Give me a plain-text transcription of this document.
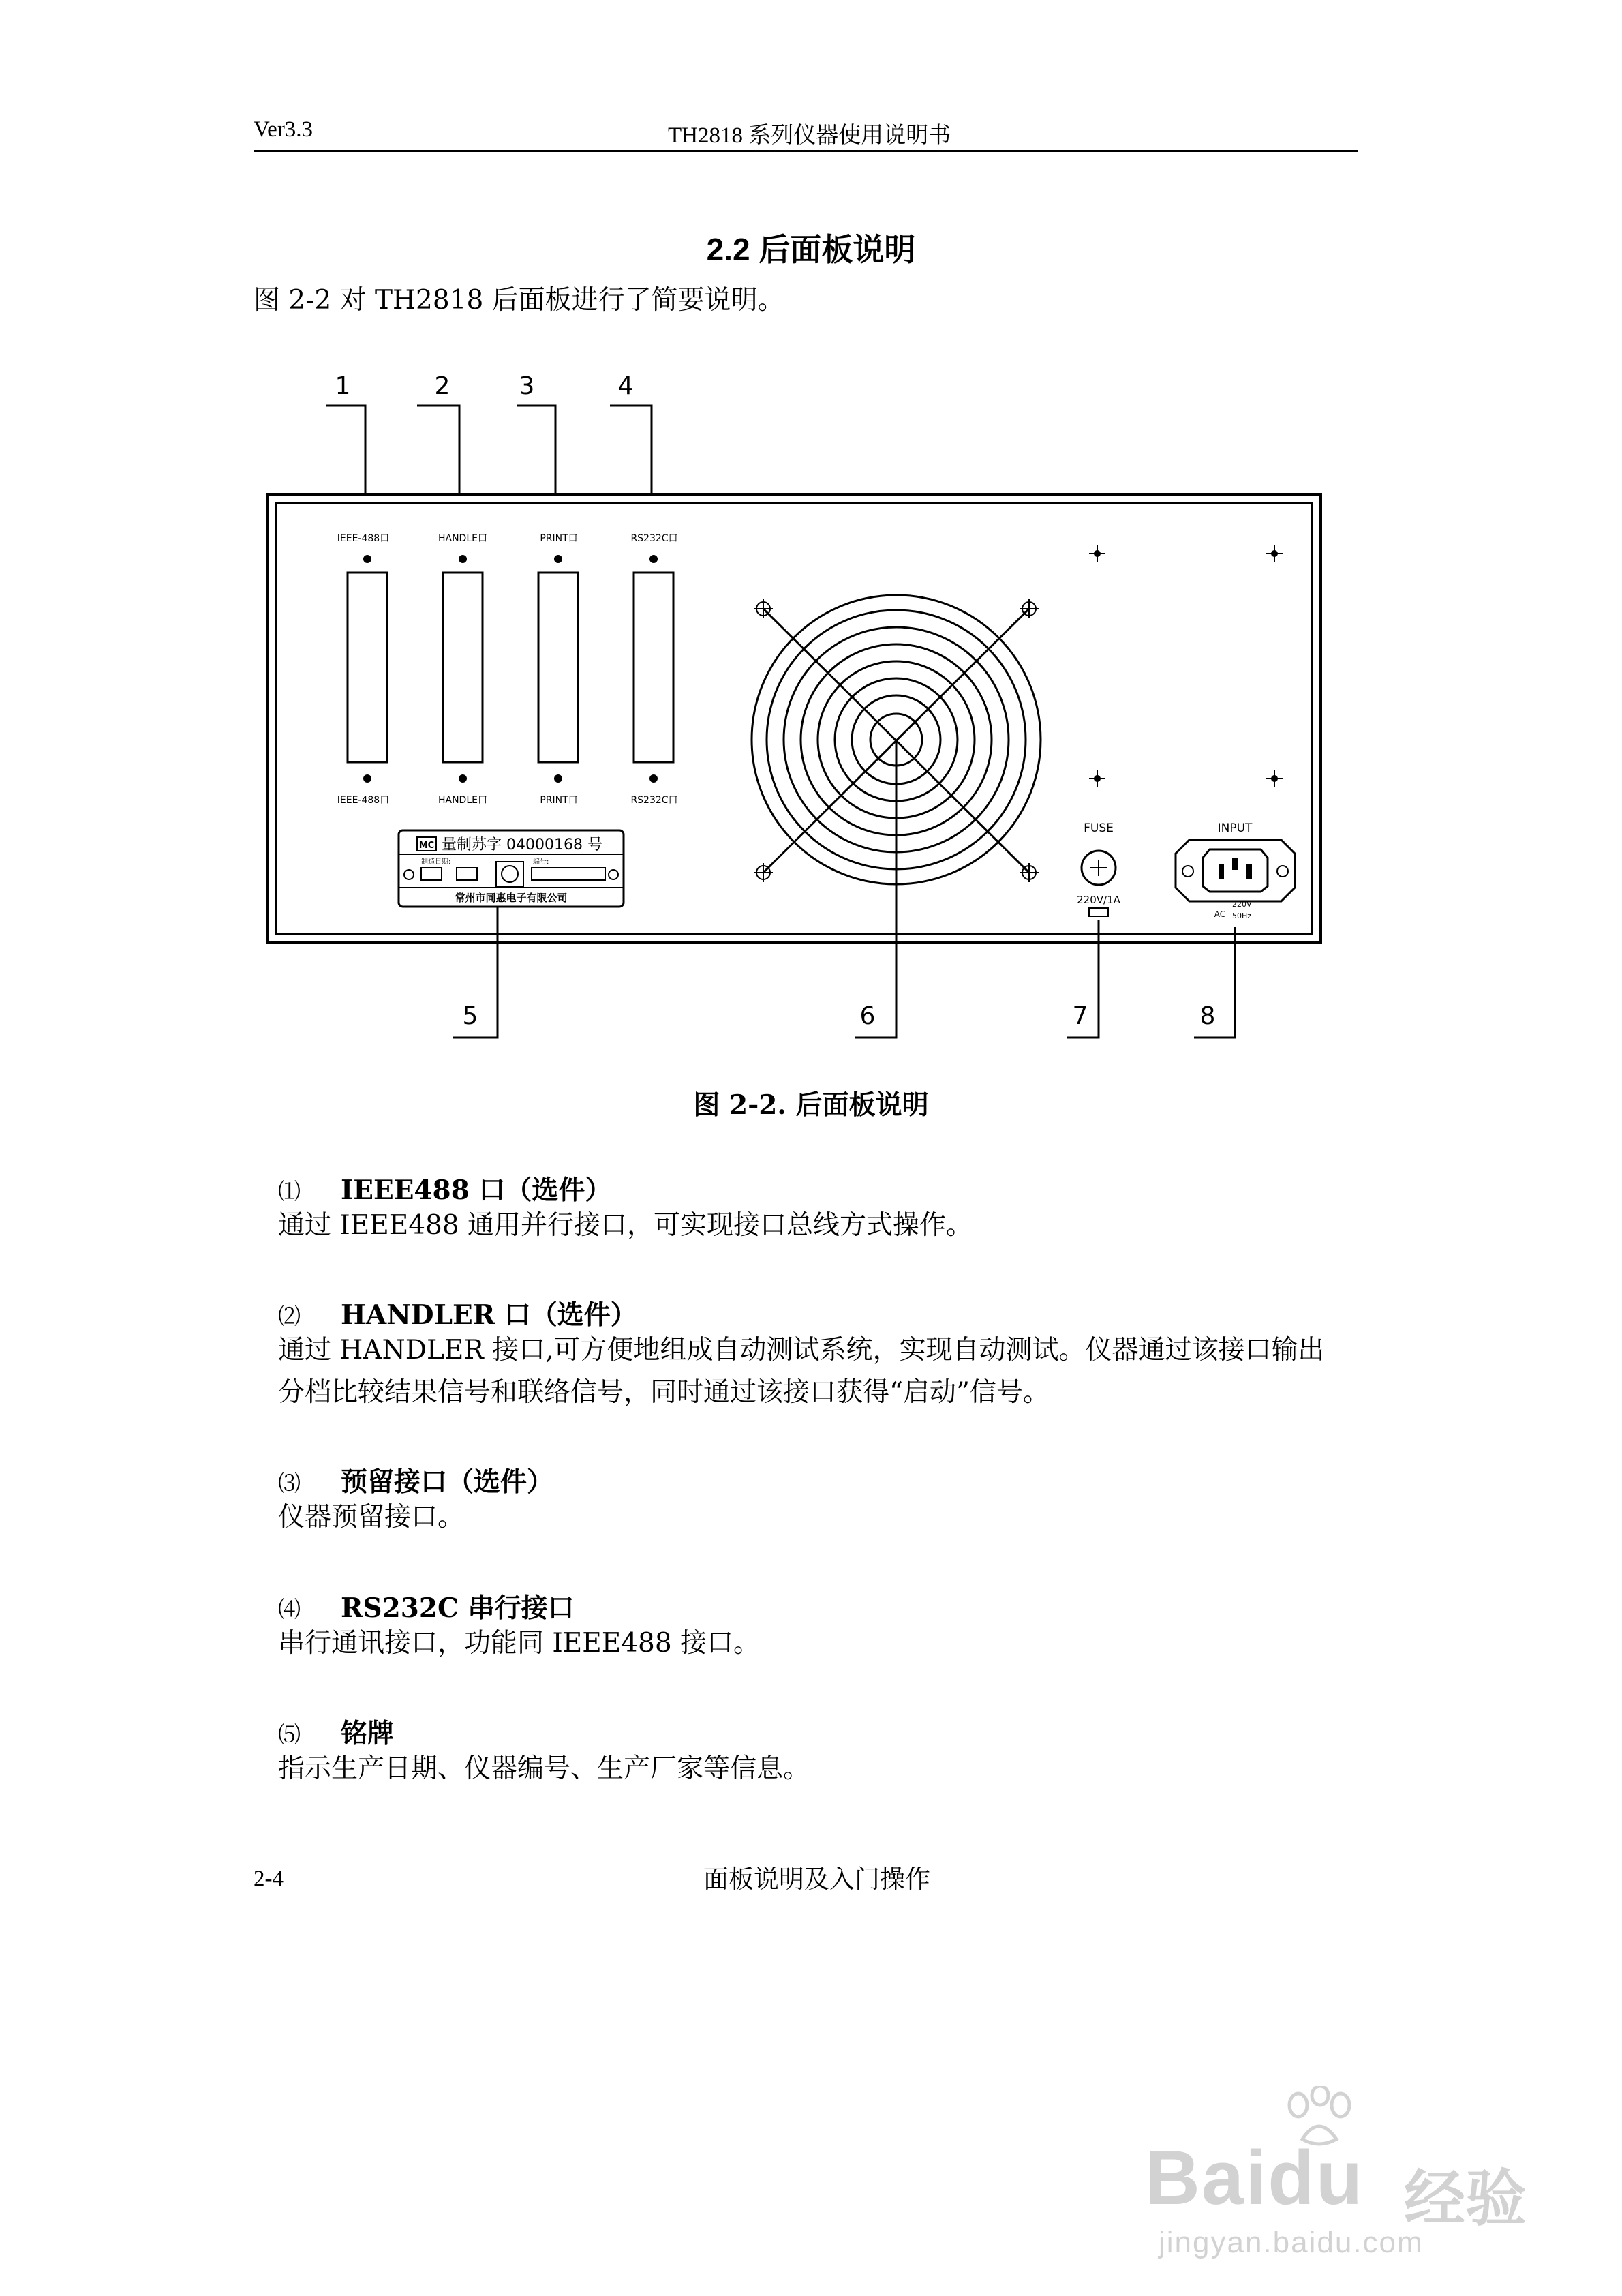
Ver3.3	TH2818 系列仪器使用说明书
2.2 后面板说明
图 2-2 对 TH2818 后面板进行了简要说明。
1	2	3	4
IEEE-488口	HANDLE口	PRINT口	RS232C口
IEEE-488口	HANDLE口	PRINT口	RS232C口
MC 量制苏字 04000168 号
制造日期:	编号:
— —
常州市同惠电子有限公司
FUSE
220V/1A
INPUT
AC
220V
50Hz
5	6	7	8
图 2-2. 后面板说明
⑴ IEEE488 口（选件）
通过 IEEE488 通用并行接口，可实现接口总线方式操作。
⑵ HANDLER 口（选件）
通过 HANDLER 接口,可方便地组成自动测试系统，实现自动测试。仪器通过该接口输出
分档比较结果信号和联络信号，同时通过该接口获得“启动”信号。
⑶ 预留接口（选件）
仪器预留接口。
⑷ RS232C 串行接口
串行通讯接口，功能同 IEEE488 接口。
⑸ 铭牌
指示生产日期、仪器编号、生产厂家等信息。
2-4	面板说明及入门操作
Baidu 经验
jingyan.baidu.com
